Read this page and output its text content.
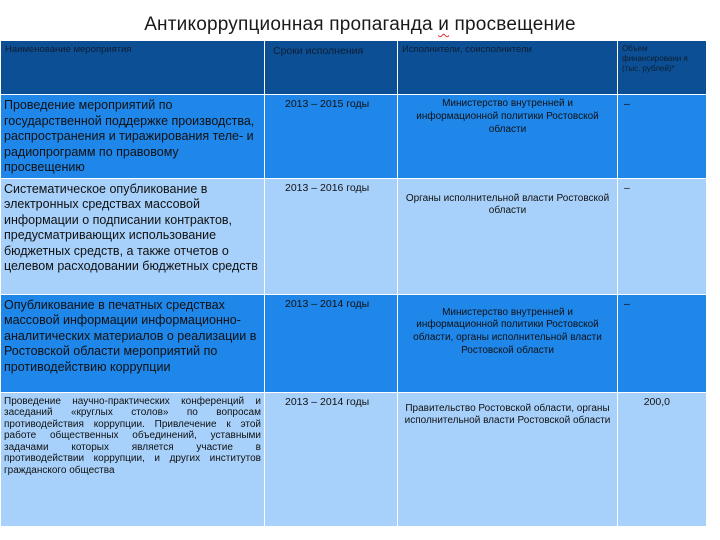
Антикоррупционная пропаганда и просвещение
Наименование мероприятия	Сроки исполнения	Исполнители, соисполнители	Объем финансировани я (тыс. рублей)*
Проведение мероприятий по государственной поддержке производства, распространения и тиражирования теле- и радиопрограмм по правовому просвещению	2013 – 2015 годы	Министерство внутренней и информационной политики Ростовской области	–
Систематическое опубликование в электронных средствах массовой информации о подписании контрактов, предусматривающих использование бюджетных средств, а также отчетов о целевом расходовании бюджетных средств	2013 – 2016 годы	Органы исполнительной власти Ростовской области	–
Опубликование в печатных средствах массовой информации информационно-аналитических материалов о реализации в Ростовской области мероприятий по противодействию коррупции	2013 – 2014 годы	Министерство внутренней и информационной политики Ростовской области, органы исполнительной власти Ростовской области	–
Проведение научно-практических конференций и заседаний «круглых столов» по вопросам противодействия коррупции. Привлечение к этой работе общественных объединений, уставными задачами которых является участие в противодействии коррупции, и других институтов гражданского общества	2013 – 2014 годы	Правительство Ростовской области, органы исполнительной власти Ростовской области	200,0
